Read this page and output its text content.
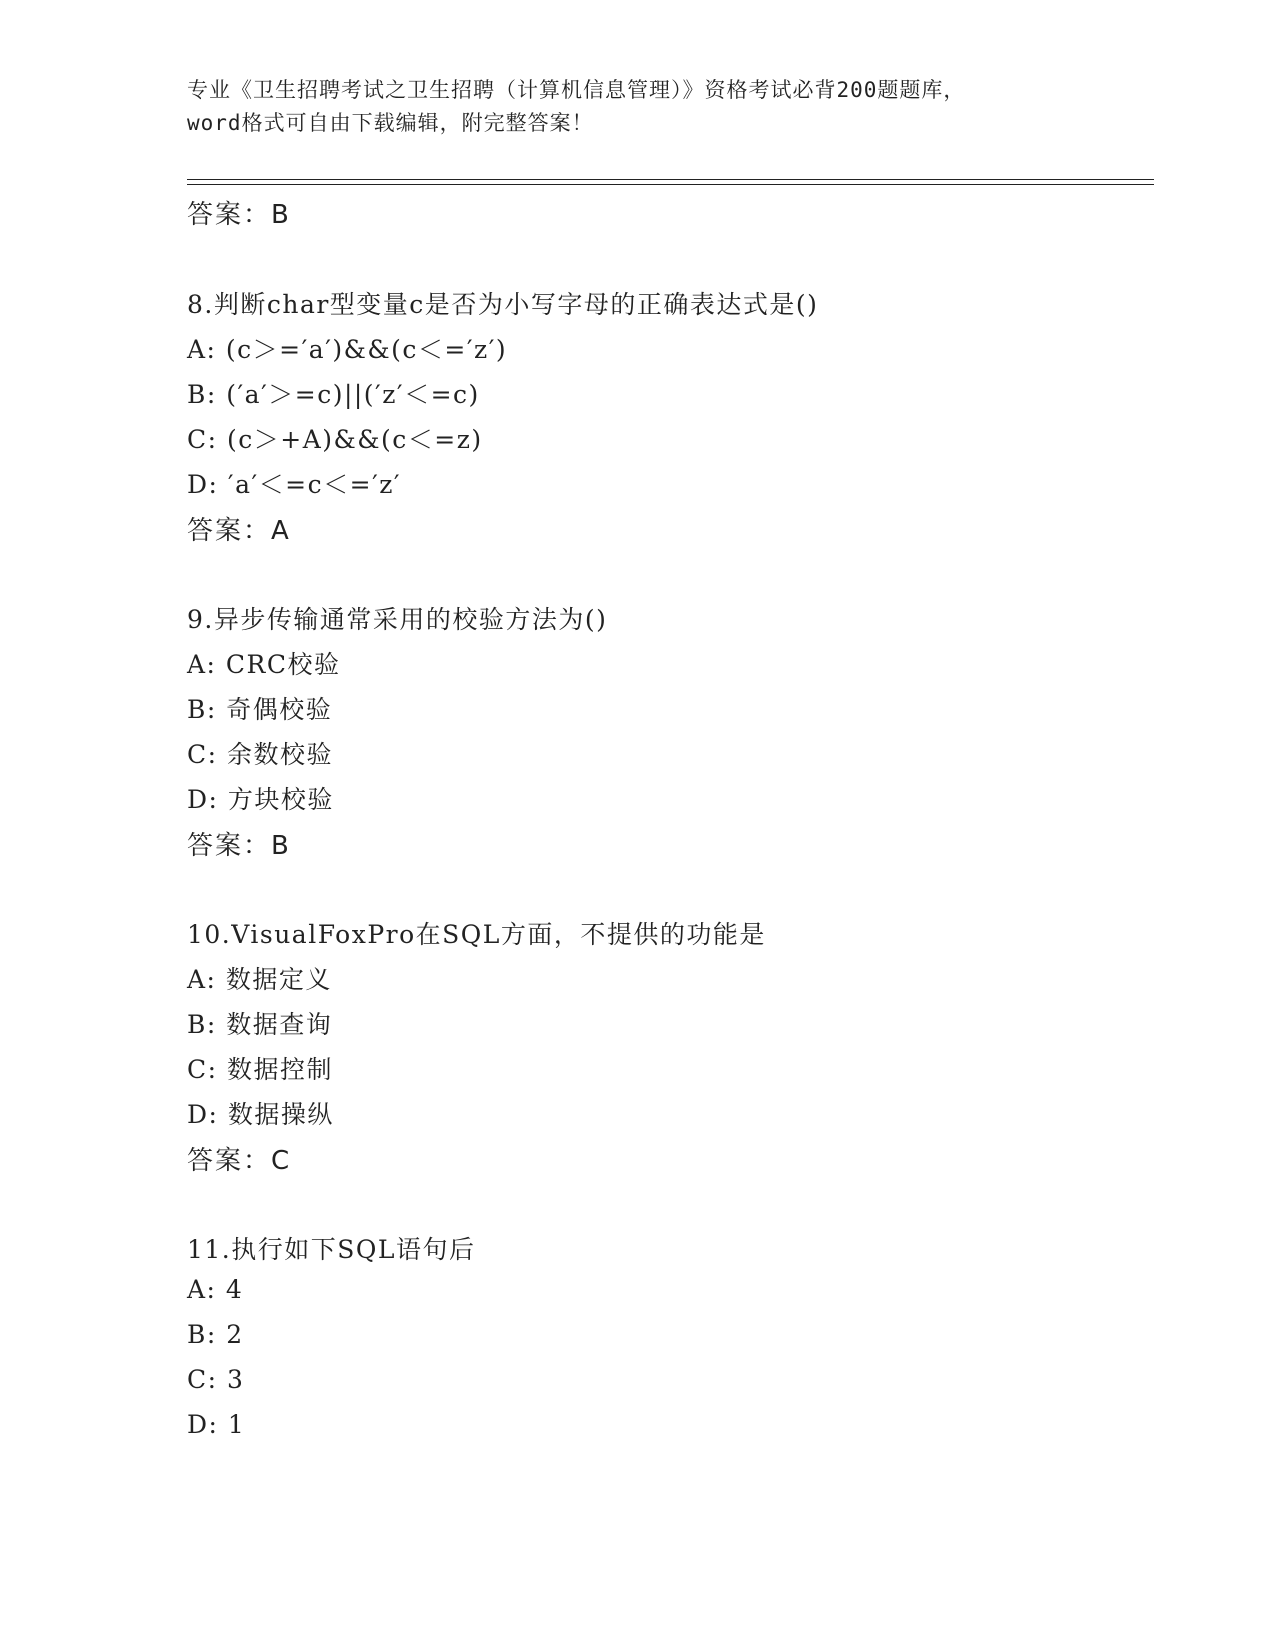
专业《卫生招聘考试之卫生招聘（计算机信息管理）》资格考试必背200题题库，
word格式可自由下载编辑，附完整答案！
答案：B
8.判断char型变量c是否为小写字母的正确表达式是()
A: (c＞=′a′)&&(c＜=′z′)
B: (′a′＞=c)||(′z′＜=c)
C: (c＞+A)&&(c＜=z)
D: ′a′＜=c＜=′z′
答案：A
9.异步传输通常采用的校验方法为()
A: CRC校验
B: 奇偶校验
C: 余数校验
D: 方块校验
答案：B
10.VisualFoxPro在SQL方面，不提供的功能是
A: 数据定义
B: 数据查询
C: 数据控制
D: 数据操纵
答案：C
11.执行如下SQL语句后
A: 4
B: 2
C: 3
D: 1
